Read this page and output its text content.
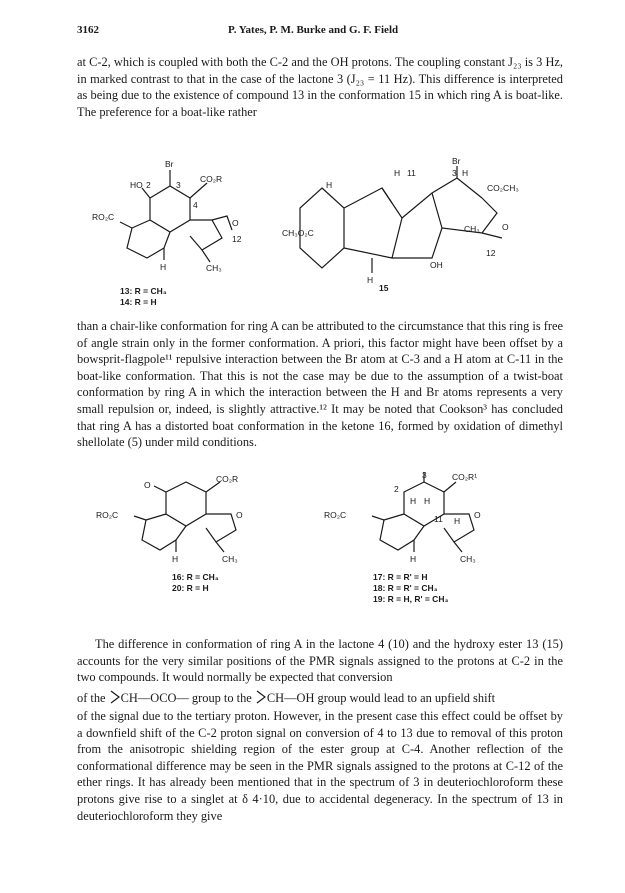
3162	P. Yates, P. M. Burke and G. F. Field

at C-2, which is coupled with both the C-2 and the OH protons. The coupling constant J₂₃ is 3 Hz, in marked contrast to that in the case of the lactone 3 (J₂₃ = 11 Hz). This difference is interpreted as being due to the existence of compound 13 in the conformation 15 in which ring A is boat-like. The preference for a boat-like rather

Br
HO 2	3
CO₂R
4
RO₂C
O
12
H	CH₃
13: R = CH₃
14: R = H
Br
3 H
H 11
H	CO₂CH₃
CH₃O₂C	CH₃	O
H
OH
12
15

than a chair-like conformation for ring A can be attributed to the circumstance that this ring is free of angle strain only in the former conformation. A priori, this factor might have been offset by a bowsprit-flagpole¹¹ repulsive interaction between the Br atom at C-3 and a H atom at C-11 in the boat-like conformation. That this is not the case may be due to the assumption of a twist-boat conformation by ring A in which the interaction between the H and Br atoms represents a very small repulsion or, indeed, is slightly attractive.¹² It may be noted that Cookson³ has concluded that ring A has a distorted boat conformation in the ketone 16, formed by oxidation of dimethyl shellolate (5) under mild conditions.

O
CO₂R
RO₂C	O
H	CH₃
16: R = CH₃
20: R = H
3	CO₂R¹
2
H H
O
RO₂C	11 H
H	CH₃
17: R = R' = H
18: R = R' = CH₃
19: R = H, R' = CH₃

The difference in conformation of ring A in the lactone 4 (10) and the hydroxy ester 13 (15) accounts for the very similar positions of the PMR signals assigned to the protons at C-2 in the two compounds. It would normally be expected that conversion

of the CH—OCO— group to the CH—OH group would lead to an upfield shift

of the signal due to the tertiary proton. However, in the present case this effect could be offset by a downfield shift of the C-2 proton signal on conversion of 4 to 13 due to removal of this proton from the anisotropic shielding region of the ester group at C-4. Another reflection of the conformational difference may be seen in the PMR signals assigned to the protons at C-12 of the ether rings. It has already been mentioned that in the spectrum of 3 in deuteriochloroform these protons give rise to a singlet at δ 4·10, due to accidental degeneracy. In the spectrum of 13 in deuteriochloroform they give
